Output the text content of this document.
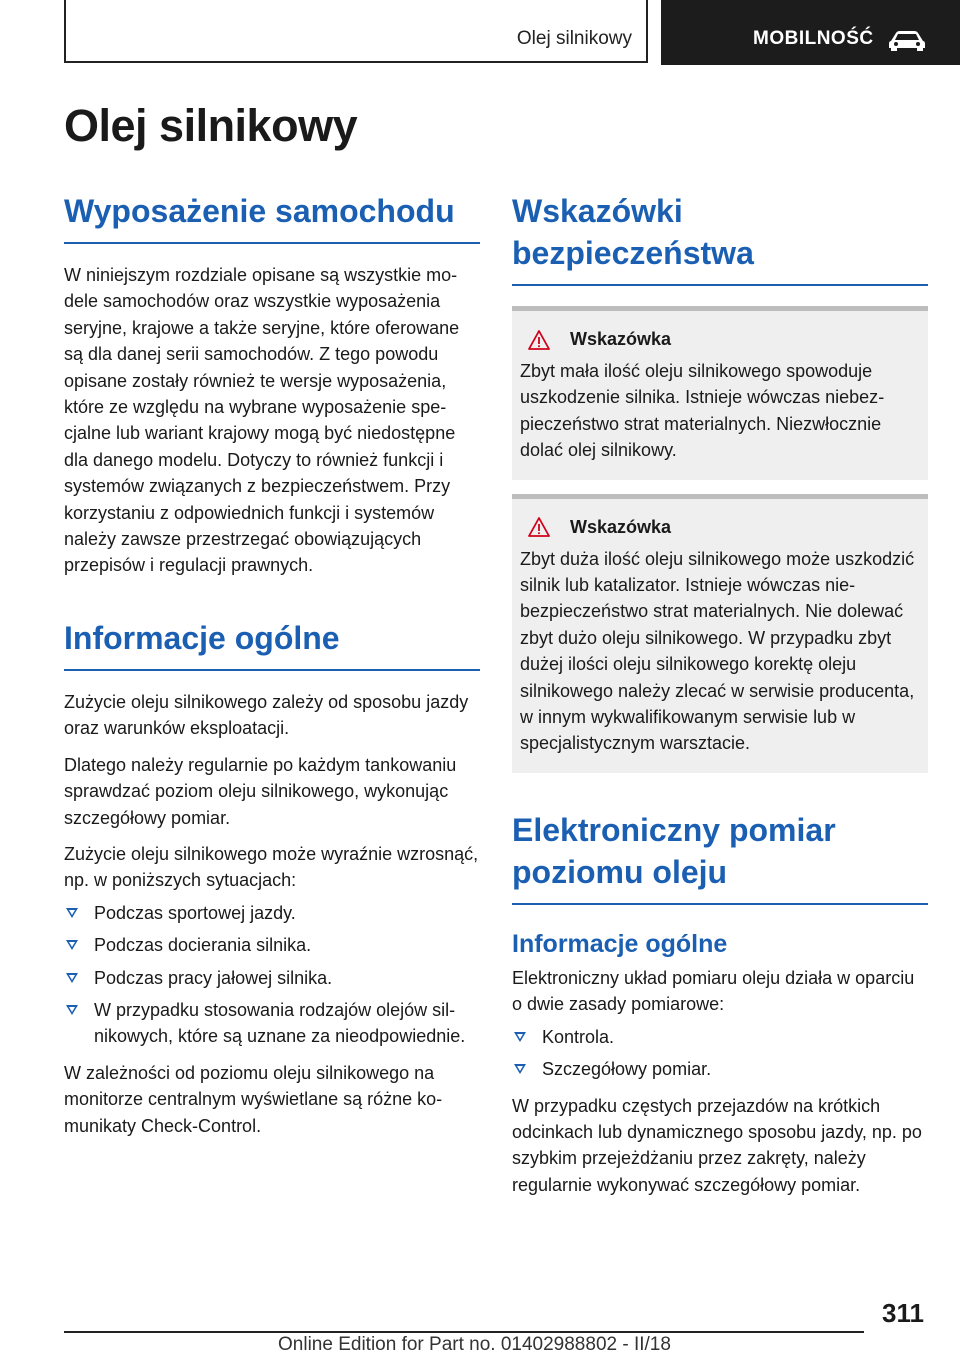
Olej silnikowy	MOBILNOŚĆ
Olej silnikowy
Wyposażenie samochodu

W niniejszym rozdziale opisane są wszystkie modele samochodów oraz wszystkie wyposażenia seryjne, krajowe a także seryjne, które oferowane są dla danej serii samochodów. Z tego powodu opisane zostały również te wersje wyposażenia, które ze względu na wybrane wyposażenie specjalne lub wariant krajowy mogą być niedostępne dla danego modelu. Dotyczy to również funkcji i systemów związanych z bezpieczeństwem. Przy korzystaniu z odpowiednich funkcji i systemów należy zawsze przestrzegać obowiązujących przepisów i regulacji prawnych.

Informacje ogólne

Zużycie oleju silnikowego zależy od sposobu jazdy oraz warunków eksploatacji.

Dlatego należy regularnie po każdym tankowaniu sprawdzać poziom oleju silnikowego, wykonując szczegółowy pomiar.

Zużycie oleju silnikowego może wyraźnie wzrosnąć, np. w poniższych sytuacjach:

Podczas sportowej jazdy.
Podczas docierania silnika.
Podczas pracy jałowej silnika.
W przypadku stosowania rodzajów olejów silnikowych, które są uznane za nieodpowiednie.

W zależności od poziomu oleju silnikowego na monitorze centralnym wyświetlane są różne komunikaty Check-Control.

Wskazówki bezpieczeństwa
Wskazówka

Zbyt mała ilość oleju silnikowego spowoduje uszkodzenie silnika. Istnieje wówczas niebezpieczeństwo strat materialnych. Niezwłocznie dolać olej silnikowy.

Wskazówka

Zbyt duża ilość oleju silnikowego może uszkodzić silnik lub katalizator. Istnieje wówczas niebezpieczeństwo strat materialnych. Nie dolewać zbyt dużo oleju silnikowego. W przypadku zbyt dużej ilości oleju silnikowego korektę oleju silnikowego należy zlecać w serwisie producenta, w innym wykwalifikowanym serwisie lub w specjalistycznym warsztacie.

Elektroniczny pomiar poziomu oleju
Informacje ogólne

Elektroniczny układ pomiaru oleju działa w oparciu o dwie zasady pomiarowe:

Kontrola.
Szczegółowy pomiar.

W przypadku częstych przejazdów na krótkich odcinkach lub dynamicznego sposobu jazdy, np. po szybkim przejeżdżaniu przez zakręty, należy regularnie wykonywać szczegółowy pomiar.

311
Online Edition for Part no. 01402988802 - II/18
